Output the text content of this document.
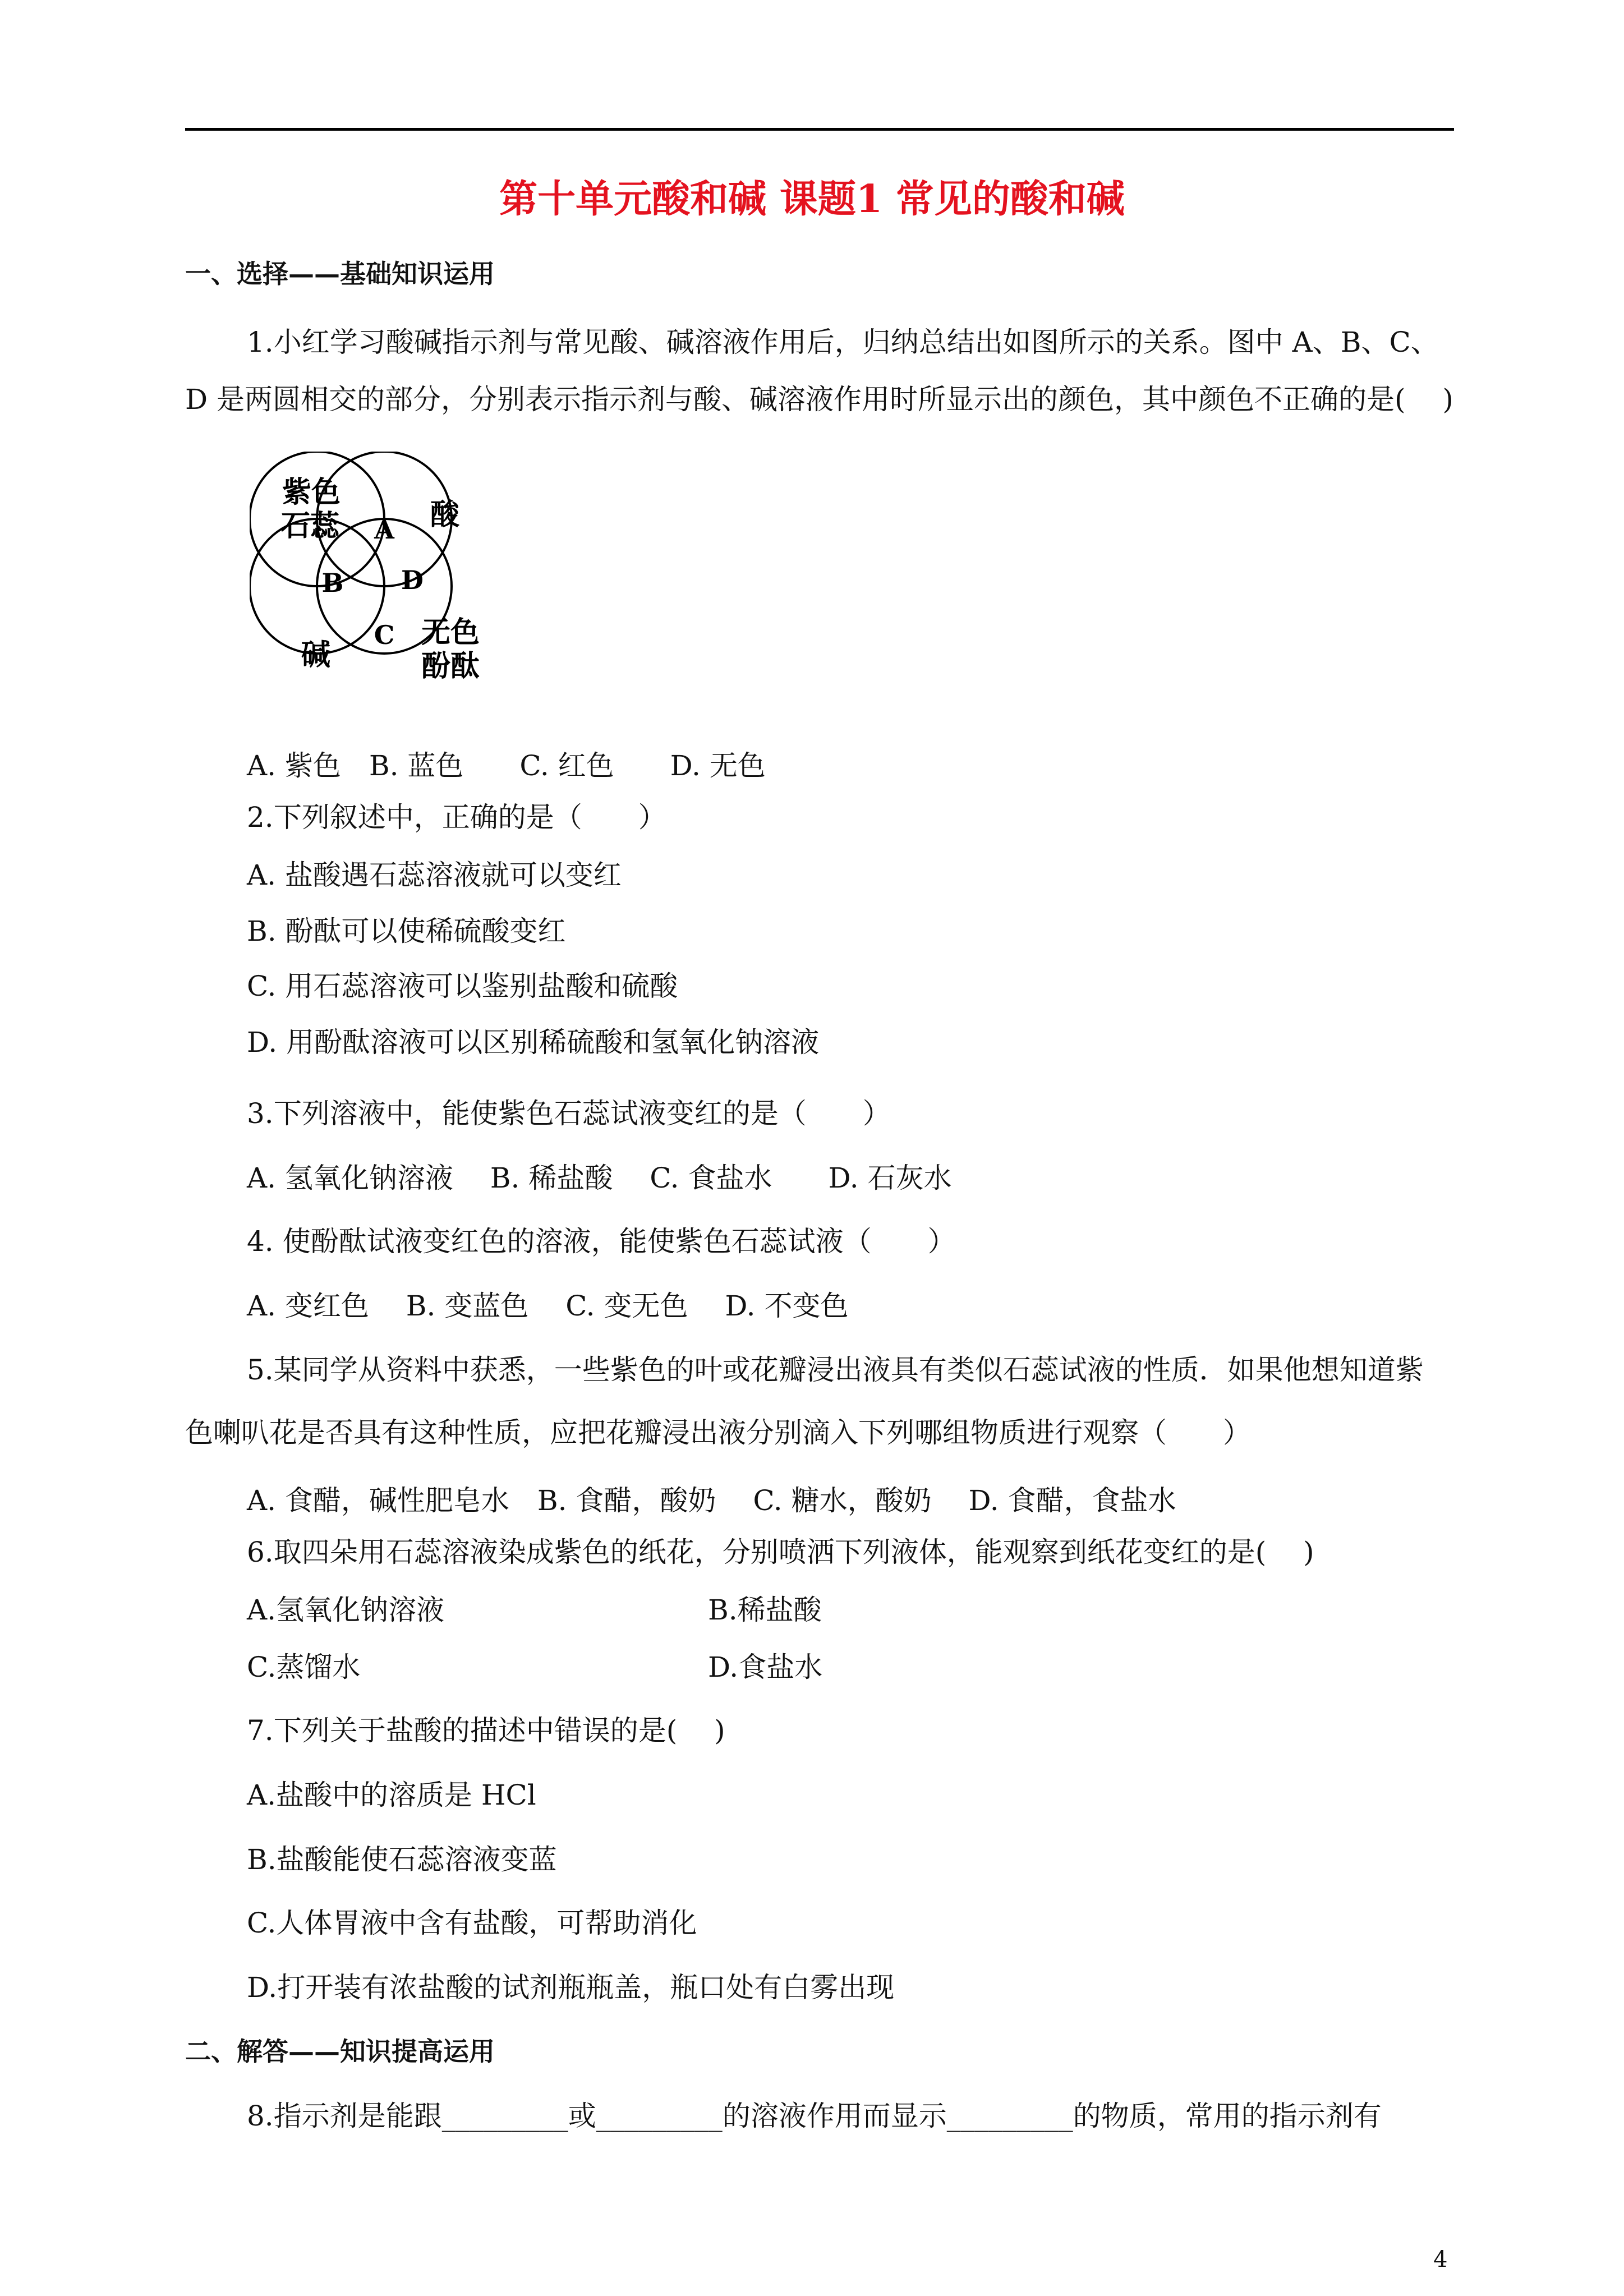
第十单元酸和碱 课题1 常见的酸和碱
一、选择——基础知识运用
1.小红学习酸碱指示剂与常见酸、碱溶液作用后，归纳总结出如图所示的关系。图中 A、B、C、
D 是两圆相交的部分，分别表示指示剂与酸、碱溶液作用时所显示出的颜色，其中颜色不正确的是(　 )
紫色
石蕊	酸
碱
无色
酚酞
A
B D
C
A. 紫色　B. 蓝色　　C. 红色　　D. 无色
2.下列叙述中，正确的是（　　）
A. 盐酸遇石蕊溶液就可以变红
B. 酚酞可以使稀硫酸变红
C. 用石蕊溶液可以鉴别盐酸和硫酸
D. 用酚酞溶液可以区别稀硫酸和氢氧化钠溶液
3.下列溶液中，能使紫色石蕊试液变红的是（　　）
A. 氢氧化钠溶液　 B. 稀盐酸　 C. 食盐水　　D. 石灰水
4. 使酚酞试液变红色的溶液，能使紫色石蕊试液（　　）
A. 变红色　 B. 变蓝色　 C. 变无色　 D. 不变色
5.某同学从资料中获悉，一些紫色的叶或花瓣浸出液具有类似石蕊试液的性质．如果他想知道紫
色喇叭花是否具有这种性质，应把花瓣浸出液分别滴入下列哪组物质进行观察（　　）
A. 食醋，碱性肥皂水　B. 食醋，酸奶　 C. 糖水，酸奶　 D. 食醋，食盐水
6.取四朵用石蕊溶液染成紫色的纸花，分别喷洒下列液体，能观察到纸花变红的是(　 )
A.氢氧化钠溶液	B.稀盐酸
C.蒸馏水	D.食盐水
7.下列关于盐酸的描述中错误的是(　 )
A.盐酸中的溶质是 HCl
B.盐酸能使石蕊溶液变蓝
C.人体胃液中含有盐酸，可帮助消化
D.打开装有浓盐酸的试剂瓶瓶盖，瓶口处有白雾出现
二、解答——知识提高运用
8.指示剂是能跟_________或_________的溶液作用而显示_________的物质，常用的指示剂有
4
